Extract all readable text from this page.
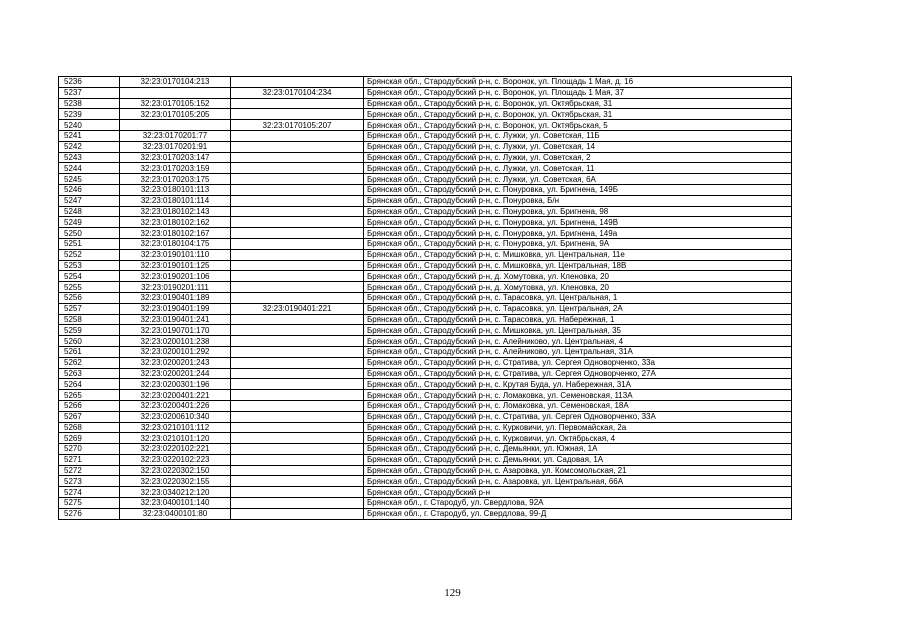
5236	32:23:0170104:213		Брянская обл., Стародубский р-н, с. Воронок, ул. Площадь 1 Мая, д. 16
5237		32:23:0170104:234	Брянская обл., Стародубский р-н, с. Воронок, ул. Площадь 1 Мая, 37
5238	32:23:0170105:152		Брянская обл., Стародубский р-н, с. Воронок, ул. Октябрьская, 31
5239	32:23:0170105:205		Брянская обл., Стародубский р-н, с. Воронок, ул. Октябрьская, 31
5240		32:23:0170105:207	Брянская обл., Стародубский р-н, с. Воронок, ул. Октябрьская, 5
5241	32:23:0170201:77		Брянская обл., Стародубский р-н, с. Лужки, ул. Советская, 11Б
5242	32:23:0170201:91		Брянская обл., Стародубский р-н, с. Лужки, ул. Советская, 14
5243	32:23:0170203:147		Брянская обл., Стародубский р-н, с. Лужки, ул. Советская, 2
5244	32:23:0170203:159		Брянская обл., Стародубский р-н, с. Лужки, ул. Советская, 11
5245	32:23:0170203:175		Брянская обл., Стародубский р-н, с. Лужки, ул. Советская, 6А
5246	32:23:0180101:113		Брянская обл., Стародубский р-н, с. Понуровка, ул. Бригнена, 149Б
5247	32:23:0180101:114		Брянская обл., Стародубский р-н, с. Понуровка, Б/н
5248	32:23:0180102:143		Брянская обл., Стародубский р-н, с. Понуровка, ул. Бригнена, 98
5249	32:23:0180102:162		Брянская обл., Стародубский р-н, с. Понуровка, ул. Бригнена, 149В
5250	32:23:0180102:167		Брянская обл., Стародубский р-н, с. Понуровка, ул. Бригнена, 149а
5251	32:23:0180104:175		Брянская обл., Стародубский р-н, с. Понуровка, ул. Бригнена, 9А
5252	32:23:0190101:110		Брянская обл., Стародубский р-н, с. Мишковка, ул. Центральная, 11е
5253	32:23:0190101:125		Брянская обл., Стародубский р-н, с. Мишковка, ул. Центральная, 18В
5254	32:23:0190201:106		Брянская обл., Стародубский р-н, д. Хомутовка, ул. Кленовка, 20
5255	32:23:0190201:111		Брянская обл., Стародубский р-н, д. Хомутовка, ул. Кленовка, 20
5256	32:23:0190401:189		Брянская обл., Стародубский р-н, с. Тарасовка, ул. Центральная, 1
5257	32:23:0190401:199	32:23:0190401:221	Брянская обл., Стародубский р-н, с. Тарасовка, ул. Центральная, 2А
5258	32:23:0190401:241		Брянская обл., Стародубский р-н, с. Тарасовка, ул. Набережная, 1
5259	32:23:0190701:170		Брянская обл., Стародубский р-н, с. Мишковка, ул. Центральная, 35
5260	32:23:0200101:238		Брянская обл., Стародубский р-н, с. Алейниково, ул. Центральная, 4
5261	32:23:0200101:292		Брянская обл., Стародубский р-н, с. Алейниково, ул. Центральная, 31А
5262	32:23:0200201:243		Брянская обл., Стародубский р-н, с. Стратива, ул. Сергея Одноворченко, 33а
5263	32:23:0200201:244		Брянская обл., Стародубский р-н, с. Стратива, ул. Сергея Одноворченко, 27А
5264	32:23:0200301:196		Брянская обл., Стародубский р-н, с. Крутая Буда, ул. Набережная, 31А
5265	32:23:0200401:221		Брянская обл., Стародубский р-н, с. Ломаковка, ул. Семеновская, 113А
5266	32:23:0200401:226		Брянская обл., Стародубский р-н, с. Ломаковка, ул. Семеновская, 18А
5267	32:23:0200610:340		Брянская обл., Стародубский р-н, с. Стратива, ул. Сергея Одноворченко, 33А
5268	32:23:0210101:112		Брянская обл., Стародубский р-н, с. Курковичи, ул. Первомайская, 2а
5269	32:23:0210101:120		Брянская обл., Стародубский р-н, с. Курковичи, ул. Октябрьская, 4
5270	32:23:0220102:221		Брянская обл., Стародубский р-н, с. Демьянки, ул. Южная, 1А
5271	32:23:0220102:223		Брянская обл., Стародубский р-н, с. Демьянки, ул. Садовая, 1А
5272	32:23:0220302:150		Брянская обл., Стародубский р-н, с. Азаровка, ул. Комсомольская, 21
5273	32:23:0220302:155		Брянская обл., Стародубский р-н, с. Азаровка, ул. Центральная, 66А
5274	32:23:0340212:120		Брянская обл., Стародубский р-н
5275	32:23:0400101:140		Брянская обл., г. Стародуб, ул. Свердлова, 92А
5276	32:23:0400101:80		Брянская обл., г. Стародуб, ул. Свердлова, 99-Д
129
